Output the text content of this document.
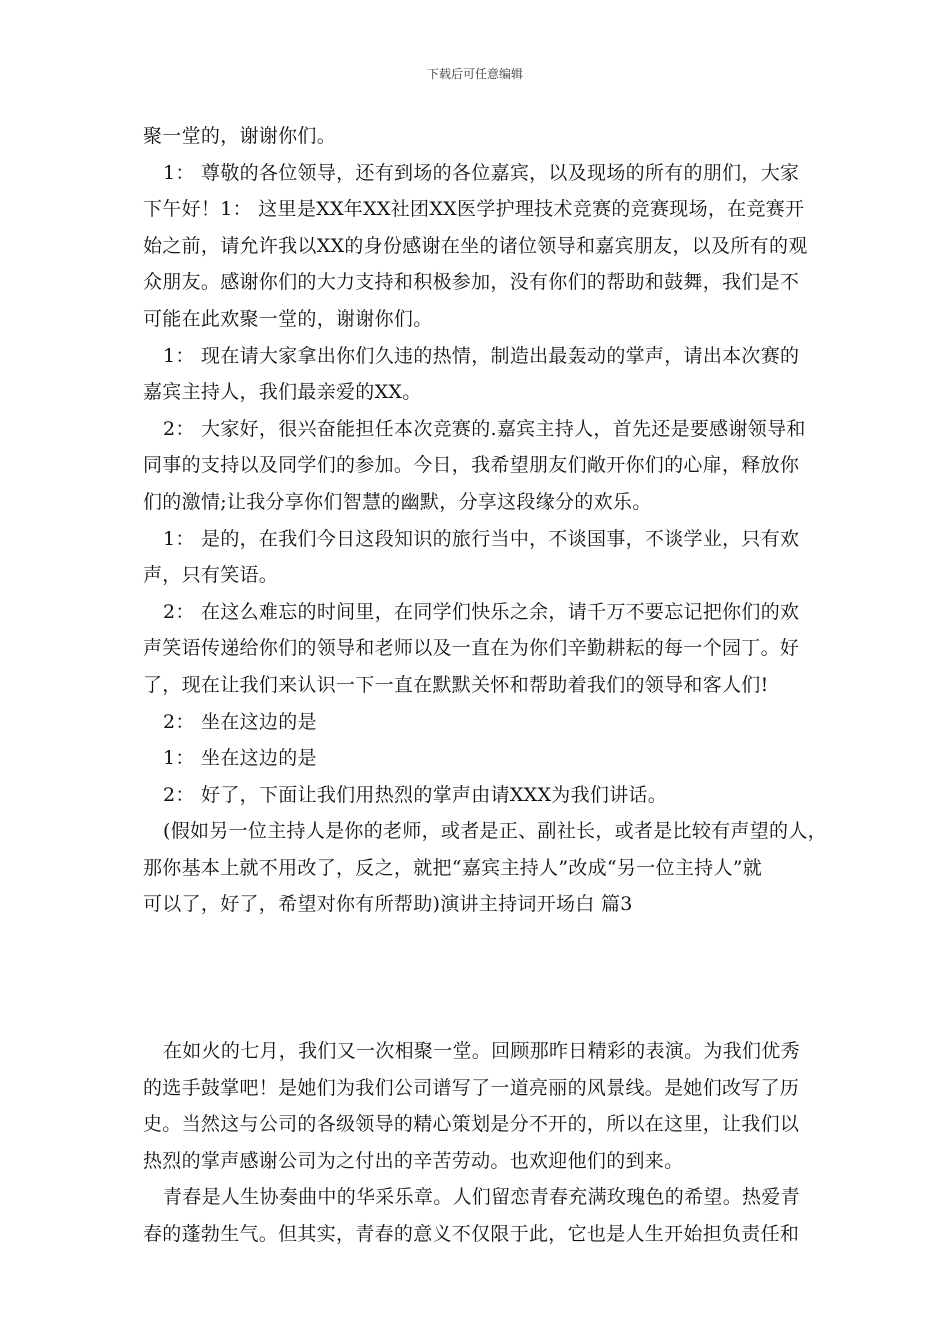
下载后可任意编辑
聚一堂的，谢谢你们。
1： 尊敬的各位领导，还有到场的各位嘉宾，以及现场的所有的朋们，大家
下午好！1： 这里是XX年XX社团XX医学护理技术竞赛的竞赛现场，在竞赛开
始之前，请允许我以XX的身份感谢在坐的诸位领导和嘉宾朋友，以及所有的观
众朋友。感谢你们的大力支持和积极参加，没有你们的帮助和鼓舞，我们是不
可能在此欢聚一堂的，谢谢你们。
1： 现在请大家拿出你们久违的热情，制造出最轰动的掌声，请出本次赛的
嘉宾主持人，我们最亲爱的XX。
2： 大家好，很兴奋能担任本次竞赛的.嘉宾主持人，首先还是要感谢领导和
同事的支持以及同学们的参加。今日，我希望朋友们敞开你们的心扉，释放你
们的激情;让我分享你们智慧的幽默，分享这段缘分的欢乐。
1： 是的，在我们今日这段知识的旅行当中，不谈国事，不谈学业，只有欢
声，只有笑语。
2： 在这么难忘的时间里，在同学们快乐之余，请千万不要忘记把你们的欢
声笑语传递给你们的领导和老师以及一直在为你们辛勤耕耘的每一个园丁。好
了，现在让我们来认识一下一直在默默关怀和帮助着我们的领导和客人们!
2： 坐在这边的是
1： 坐在这边的是
2： 好了，下面让我们用热烈的掌声由请XXX为我们讲话。
(假如另一位主持人是你的老师，或者是正、副社长，或者是比较有声望的人，
那你基本上就不用改了，反之，就把“嘉宾主持人”改成“另一位主持人”就
可以了，好了，希望对你有所帮助)演讲主持词开场白 篇3
在如火的七月，我们又一次相聚一堂。回顾那昨日精彩的表演。为我们优秀
的选手鼓掌吧！是她们为我们公司谱写了一道亮丽的风景线。是她们改写了历
史。当然这与公司的各级领导的精心策划是分不开的，所以在这里，让我们以
热烈的掌声感谢公司为之付出的辛苦劳动。也欢迎他们的到来。
青春是人生协奏曲中的华采乐章。人们留恋青春充满玫瑰色的希望。热爱青
春的蓬勃生气。但其实，青春的意义不仅限于此，它也是人生开始担负责任和
